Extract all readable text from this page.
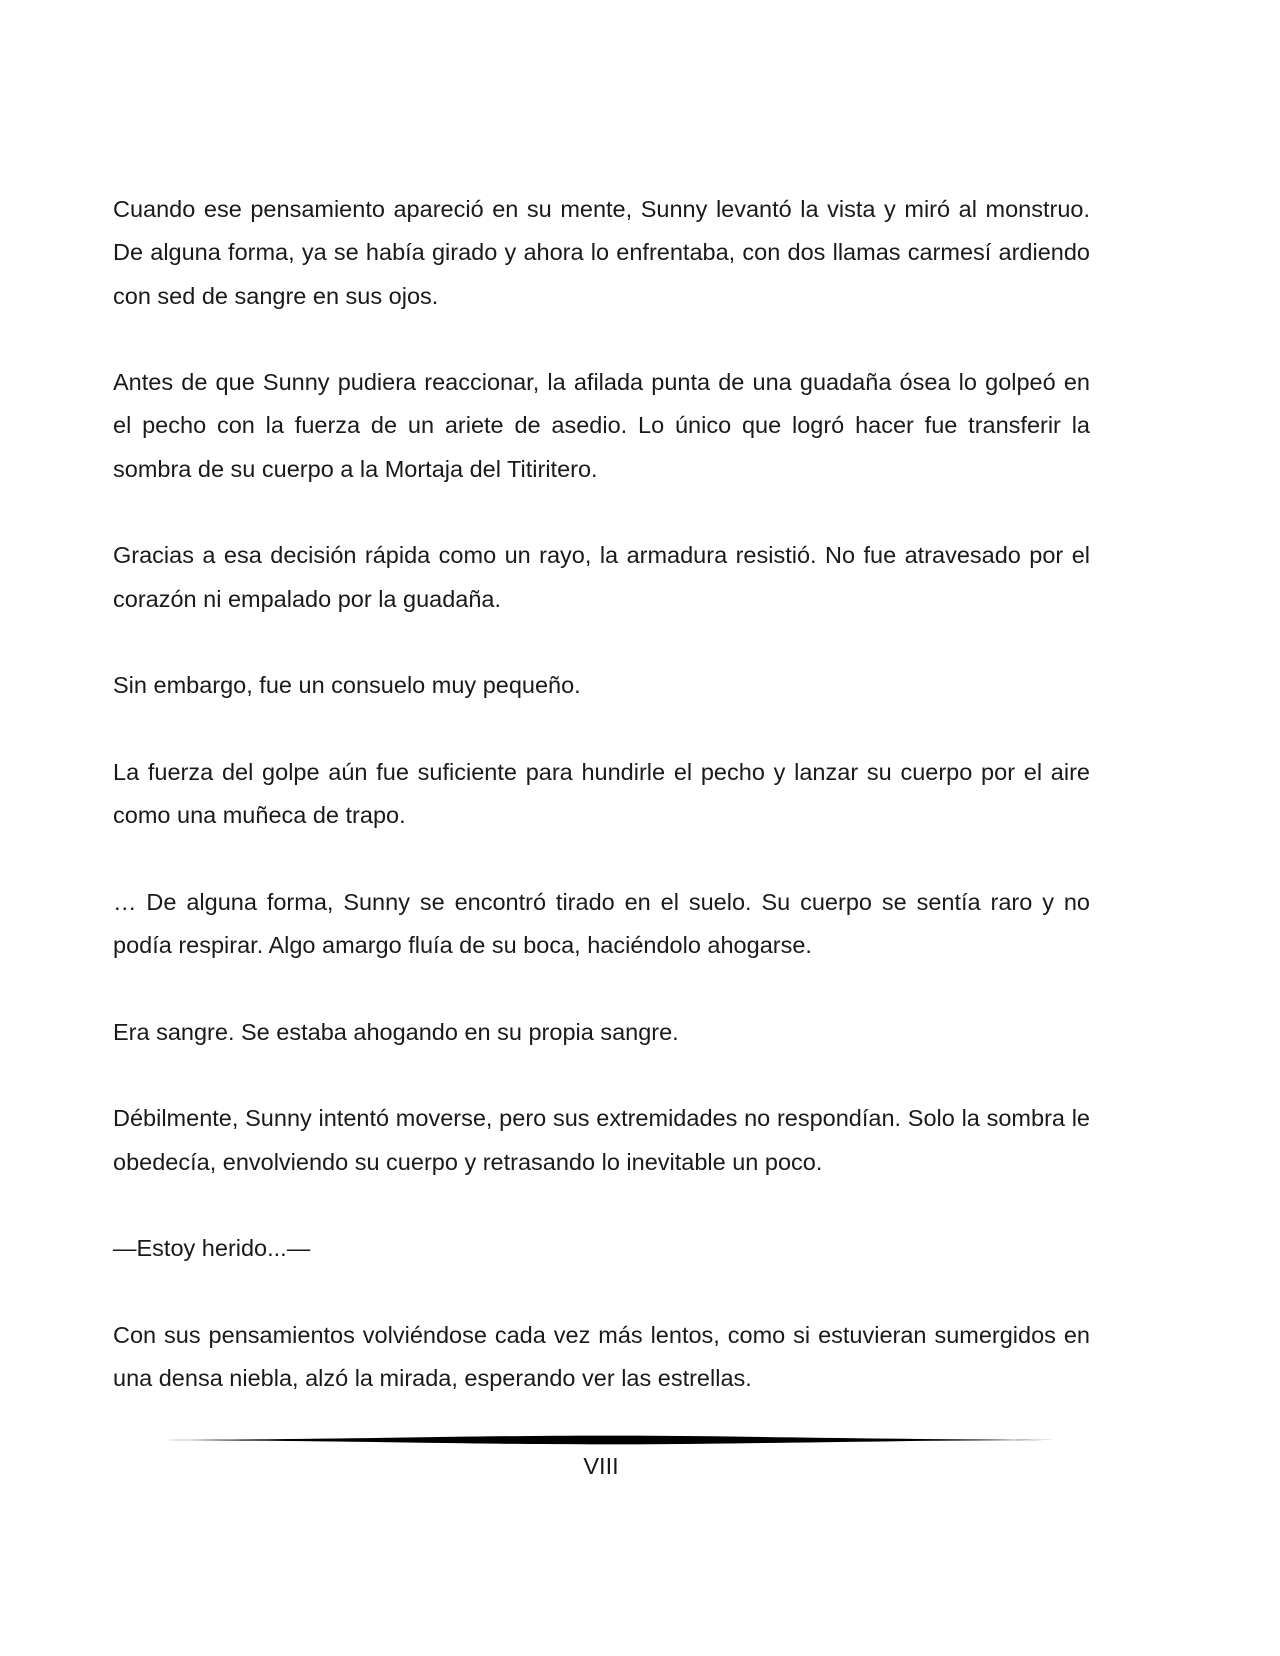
Cuando ese pensamiento apareció en su mente, Sunny levantó la vista y miró al monstruo. De alguna forma, ya se había girado y ahora lo enfrentaba, con dos llamas carmesí ardiendo con sed de sangre en sus ojos.

Antes de que Sunny pudiera reaccionar, la afilada punta de una guadaña ósea lo golpeó en el pecho con la fuerza de un ariete de asedio. Lo único que logró hacer fue transferir la sombra de su cuerpo a la Mortaja del Titiritero.

Gracias a esa decisión rápida como un rayo, la armadura resistió. No fue atravesado por el corazón ni empalado por la guadaña.

Sin embargo, fue un consuelo muy pequeño.

La fuerza del golpe aún fue suficiente para hundirle el pecho y lanzar su cuerpo por el aire como una muñeca de trapo.

… De alguna forma, Sunny se encontró tirado en el suelo. Su cuerpo se sentía raro y no podía respirar. Algo amargo fluía de su boca, haciéndolo ahogarse.

Era sangre. Se estaba ahogando en su propia sangre.

Débilmente, Sunny intentó moverse, pero sus extremidades no respondían. Solo la sombra le obedecía, envolviendo su cuerpo y retrasando lo inevitable un poco.

—Estoy herido...—

Con sus pensamientos volviéndose cada vez más lentos, como si estuvieran sumergidos en una densa niebla, alzó la mirada, esperando ver las estrellas.

VIII
